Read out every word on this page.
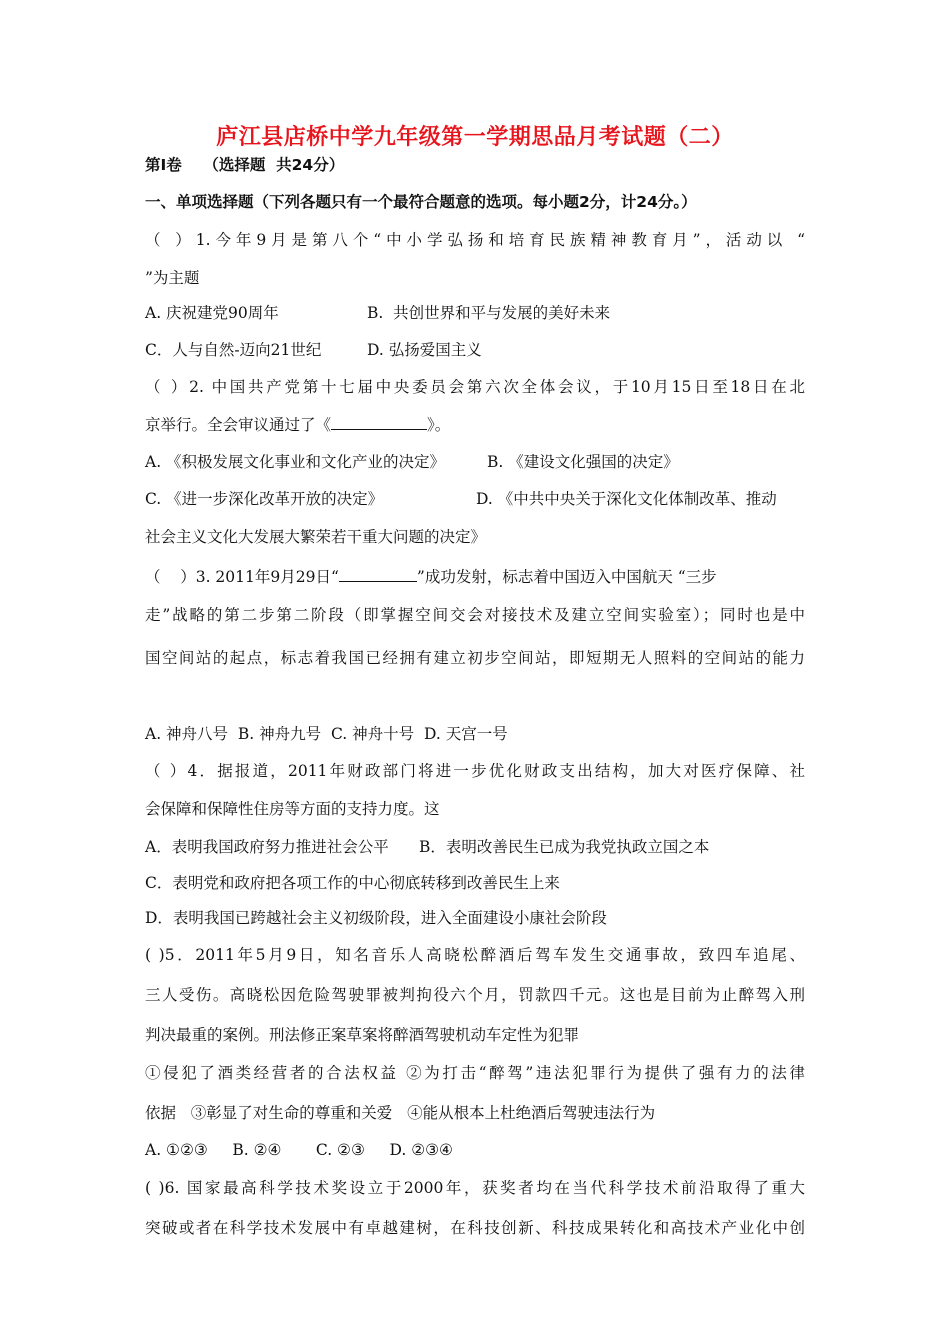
庐江县店桥中学九年级第一学期思品月考试题（二）
第Ⅰ卷    （选择题  共24分）
一、单项选择题（下列各题只有一个最符合题意的选项。每小题2分，计24分。）
（ ）1.今年9月是第八个“中小学弘扬和培育民族精神教育月”，活动以 “
”为主题
A. 庆祝建党90周年	B.  共创世界和平与发展的美好未来
C．人与自然-迈向21世纪	D. 弘扬爱国主义
（ ）2. 中国共产党第十七届中央委员会第六次全体会议，于10月15日至18日在北
京举行。全会审议通过了《	》。
A. 《积极发展文化事业和文化产业的决定》	B. 《建设文化强国的决定》
C. 《进一步深化改革开放的决定》	D. 《中共中央关于深化文化体制改革、推动
社会主义文化大发展大繁荣若干重大问题的决定》
（    ）3. 2011年9月29日“	”成功发射，标志着中国迈入中国航天 “三步
走”战略的第二步第二阶段（即掌握空间交会对接技术及建立空间实验室）；同时也是中
国空间站的起点，标志着我国已经拥有建立初步空间站，即短期无人照料的空间站的能力
A. 神舟八号  B. 神舟九号  C. 神舟十号  D. 天宫一号
（ ）4．据报道，2011年财政部门将进一步优化财政支出结构，加大对医疗保障、社
会保障和保障性住房等方面的支持力度。这
A．表明我国政府努力推进社会公平 B．表明改善民生已成为我党执政立国之本
C．表明党和政府把各项工作的中心彻底转移到改善民生上来
D．表明我国已跨越社会主义初级阶段，进入全面建设小康社会阶段
( )5．2011年5月9日，知名音乐人高晓松醉酒后驾车发生交通事故，致四车追尾、
三人受伤。高晓松因危险驾驶罪被判拘役六个月，罚款四千元。这也是目前为止醉驾入刑
判决最重的案例。刑法修正案草案将醉酒驾驶机动车定性为犯罪
①侵犯了酒类经营者的合法权益 ②为打击“醉驾”违法犯罪行为提供了强有力的法律
依据   ③彰显了对生命的尊重和关爱   ④能从根本上杜绝酒后驾驶违法行为
A. ①②③     B. ②④       C. ②③     D. ②③④
( )6. 国家最高科学技术奖设立于2000年，获奖者均在当代科学技术前沿取得了重大
突破或者在科学技术发展中有卓越建树，在科技创新、科技成果转化和高技术产业化中创
